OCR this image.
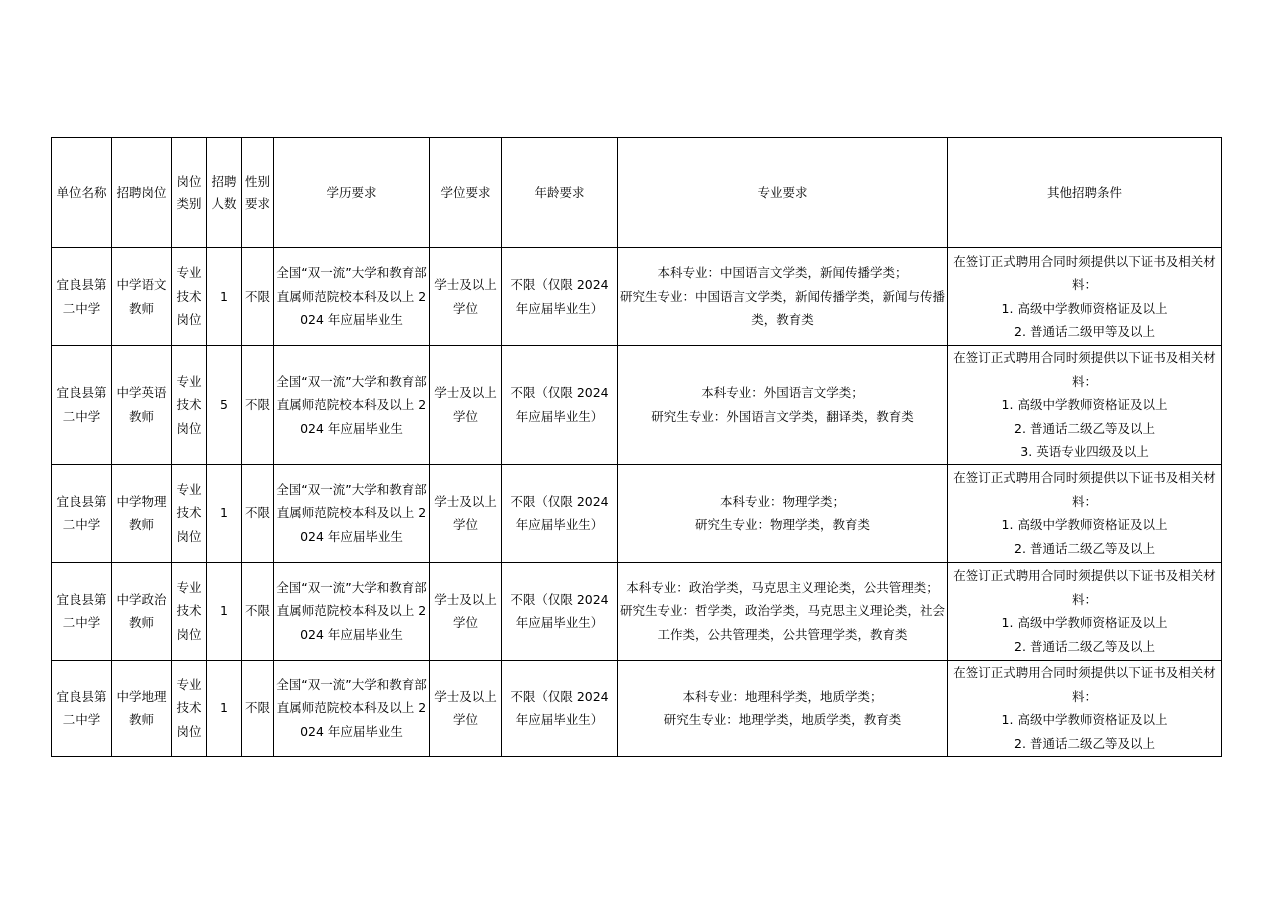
单位名称	招聘岗位	岗位类别	招聘人数	性别要求	学历要求	学位要求	年龄要求	专业要求	其他招聘条件
宜良县第二中学	中学语文教师	专业技术岗位	1	不限	全国“双一流”大学和教育部直属师范院校本科及以上 2024 年应届毕业生	学士及以上学位	不限（仅限 2024 年应届毕业生）	本科专业：中国语言文学类，新闻传播学类；
研究生专业：中国语言文学类，新闻传播学类，新闻与传播类，教育类	在签订正式聘用合同时须提供以下证书及相关材料：
1. 高级中学教师资格证及以上
2. 普通话二级甲等及以上

宜良县第二中学	中学英语教师	专业技术岗位	5	不限	全国“双一流”大学和教育部直属师范院校本科及以上 2024 年应届毕业生	学士及以上学位	不限（仅限 2024 年应届毕业生）	本科专业：外国语言文学类；
研究生专业：外国语言文学类，翻译类，教育类	在签订正式聘用合同时须提供以下证书及相关材料：
1. 高级中学教师资格证及以上
2. 普通话二级乙等及以上
3. 英语专业四级及以上

宜良县第二中学	中学物理教师	专业技术岗位	1	不限	全国“双一流”大学和教育部直属师范院校本科及以上 2024 年应届毕业生	学士及以上学位	不限（仅限 2024 年应届毕业生）	本科专业：物理学类；
研究生专业：物理学类，教育类	在签订正式聘用合同时须提供以下证书及相关材料：
1. 高级中学教师资格证及以上
2. 普通话二级乙等及以上

宜良县第二中学	中学政治教师	专业技术岗位	1	不限	全国“双一流”大学和教育部直属师范院校本科及以上 2024 年应届毕业生	学士及以上学位	不限（仅限 2024 年应届毕业生）	本科专业：政治学类，马克思主义理论类，公共管理类；
研究生专业：哲学类，政治学类，马克思主义理论类，社会工作类，公共管理类，公共管理学类，教育类	在签订正式聘用合同时须提供以下证书及相关材料：
1. 高级中学教师资格证及以上
2. 普通话二级乙等及以上

宜良县第二中学	中学地理教师	专业技术岗位	1	不限	全国“双一流”大学和教育部直属师范院校本科及以上 2024 年应届毕业生	学士及以上学位	不限（仅限 2024 年应届毕业生）	本科专业：地理科学类，地质学类；
研究生专业：地理学类，地质学类，教育类	在签订正式聘用合同时须提供以下证书及相关材料：
1. 高级中学教师资格证及以上
2. 普通话二级乙等及以上
